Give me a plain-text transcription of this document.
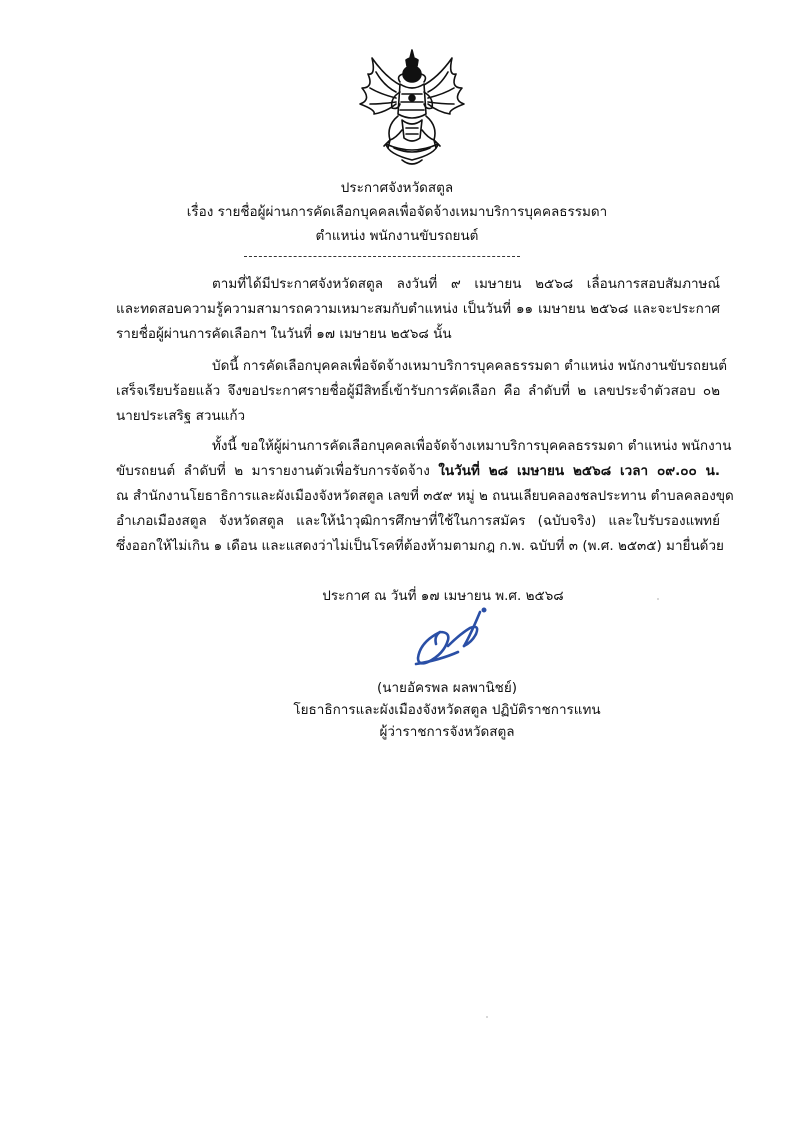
ประกาศจังหวัดสตูล
เรื่อง รายชื่อผู้ผ่านการคัดเลือกบุคคลเพื่อจัดจ้างเหมาบริการบุคคลธรรมดา
ตำแหน่ง พนักงานขับรถยนต์
ตามที่ได้มีประกาศจังหวัดสตูล ลงวันที่ ๙ เมษายน ๒๕๖๘ เลื่อนการสอบสัมภาษณ์
และทดสอบความรู้ความสามารถความเหมาะสมกับตำแหน่ง เป็นวันที่ ๑๑ เมษายน ๒๕๖๘ และจะประกาศ
รายชื่อผู้ผ่านการคัดเลือกฯ ในวันที่ ๑๗ เมษายน ๒๕๖๘ นั้น
บัดนี้ การคัดเลือกบุคคลเพื่อจัดจ้างเหมาบริการบุคคลธรรมดา ตำแหน่ง พนักงานขับรถยนต์
เสร็จเรียบร้อยแล้ว จึงขอประกาศรายชื่อผู้มีสิทธิ์เข้ารับการคัดเลือก คือ ลำดับที่ ๒ เลขประจำตัวสอบ ๐๒
นายประเสริฐ สวนแก้ว
ทั้งนี้ ขอให้ผู้ผ่านการคัดเลือกบุคคลเพื่อจัดจ้างเหมาบริการบุคคลธรรมดา ตำแหน่ง พนักงาน
ขับรถยนต์ ลำดับที่ ๒ มารายงานตัวเพื่อรับการจัดจ้าง ในวันที่ ๒๘ เมษายน ๒๕๖๘ เวลา ๐๙.๐๐ น.
ณ สำนักงานโยธาธิการและผังเมืองจังหวัดสตูล เลขที่ ๓๕๙ หมู่ ๒ ถนนเลียบคลองชลประทาน ตำบลคลองขุด
อำเภอเมืองสตูล จังหวัดสตูล และให้นำวุฒิการศึกษาที่ใช้ในการสมัคร (ฉบับจริง) และใบรับรองแพทย์
ซึ่งออกให้ไม่เกิน ๑ เดือน และแสดงว่าไม่เป็นโรคที่ต้องห้ามตามกฎ ก.พ. ฉบับที่ ๓ (พ.ศ. ๒๕๓๕) มายื่นด้วย
ประกาศ ณ วันที่ ๑๗ เมษายน พ.ศ. ๒๕๖๘
(นายอัครพล ผลพานิชย์)
โยธาธิการและผังเมืองจังหวัดสตูล ปฏิบัติราชการแทน
ผู้ว่าราชการจังหวัดสตูล
